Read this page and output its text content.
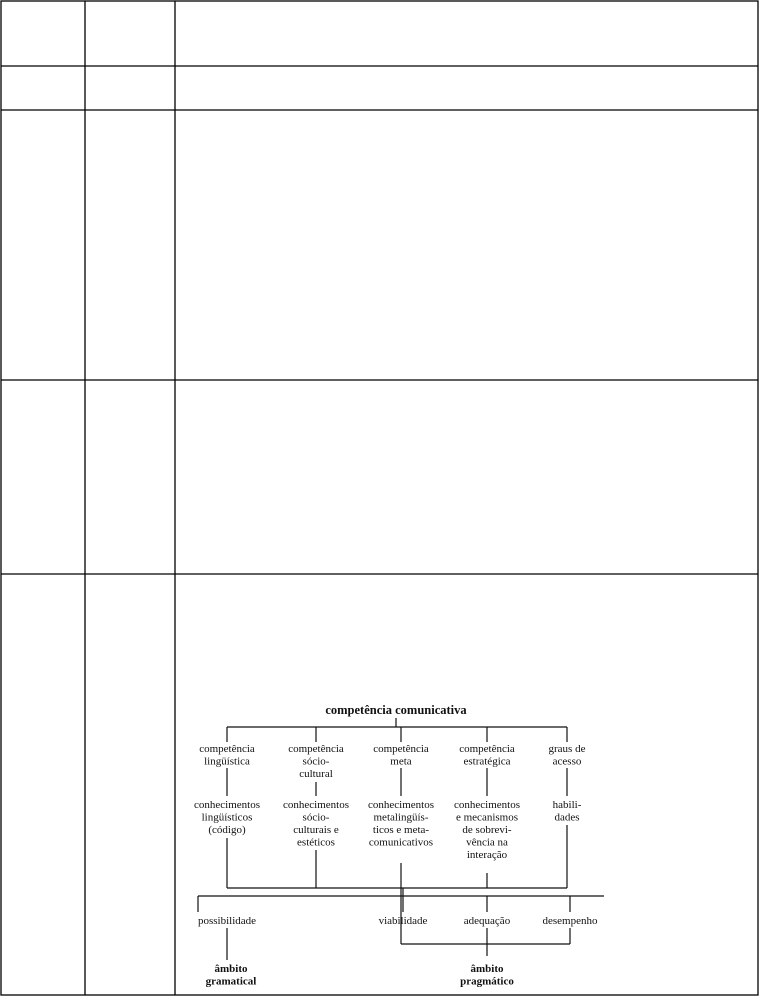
competência comunicativa
competência lingüística
competência sócio-cultural
competência meta
competência estratégica
graus de acesso
conhecimentos lingüísticos (código)
conhecimentos sócio-culturais e estéticos
conhecimentos metalingüís-ticos e meta-comunicativos
conhecimentos e mecanismos de sobrevi-vência na interação
habili-dades
possibilidade	viabilidade	adequação	desempenho
âmbito gramatical
âmbito pragmático
